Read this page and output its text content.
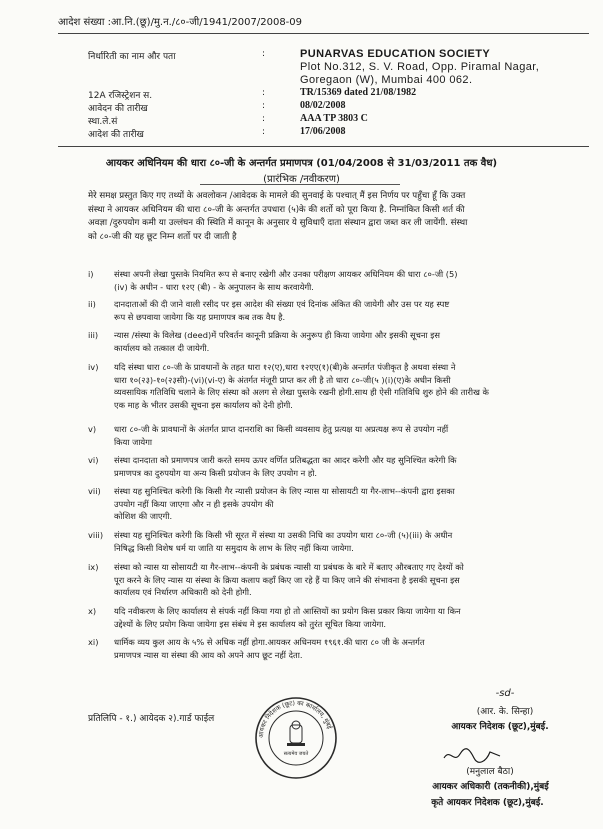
आदेश संख्या :आ.नि.(छू)/मु.न./८०-जी/1941/2007/2008-09
निर्धारिती का नाम और पता	:	PUNARVAS EDUCATION SOCIETY
Plot No.312, S. V. Road, Opp. Piramal Nagar,
Goregaon (W), Mumbai 400 062.
12A रजिस्ट्रेशन स.	:	TR/15369 dated 21/08/1982
आवेदन की तारीख	:	08/02/2008
स्था.ले.सं	:	AAA TP 3803 C
आदेश की तारीख	:	17/06/2008
आयकर अधिनियम की धारा ८०-जी के अन्तर्गत प्रमाणपत्र (01/04/2008 से 31/03/2011 तक वैध)
(प्रारंभिक /नवीकरण)
मेरे समक्ष प्रस्तुत किए गए तथ्यों के अवलोकन /आवेदक के मामले की सुनवाई के पश्चात् मैं इस निर्णय पर पहुँचा हूँ कि उक्त
संस्था ने आयकर अधिनियम की धारा ८०-जी के अन्तर्गत उपधारा (५)के की शर्तो को पूरा किया है. निम्नांकित किसी शर्त की
अवज्ञा /दुरुपयोग कमी या उल्लंघन की स्थिति में कानून के अनुसार ये सुविधाएँ दाता संस्थान द्वारा जब्त कर ली जायेंगी. संस्था
को ८०-जी की यह छूट निम्न शर्तो पर दी जाती है
i)	संस्था अपनी लेखा पुस्तके नियमित रूप से बनाए रखेगी और उनका परीक्षण आयकर अधिनियम की धारा ८०-जी (5)
(iv) के अधीन - धारा १२ए (बी) - के अनुपालन के साथ करवायेगी.
ii)	दानदाताओं की दी जाने वाली रसीद पर इस आदेश की संख्या एवं दिनांक अंकित की जायेगी और उस पर यह स्पष्ट
रूप से छपवाया जायेगा कि यह प्रमाणपत्र कब तक वैध है.
iii)	न्यास /संस्था के विलेख (deed)में परिवर्तन कानूनी प्रक्रिया के अनुरूप ही किया जायेगा और इसकी सूचना इस
कार्यालय को तत्काल दी जायेगी.
iv)	यदि संस्था धारा ८०-जी के प्रावधानों के तहत धारा १२(ए),धारा १२एए(१)(बी)के अन्तर्गत पंजीकृत है अथवा संस्था ने
धारा १०(२३)-१०(२३सी)-(vi)(vi-ए) के अंतर्गत मंजूरी प्राप्त कर ली है तो धारा ८०-जी(५ )(i)(ए)के अधीन किसी
व्यवसायिक गतिविधि चलाने के लिए संस्था को अलग से लेखा पुस्तके रखनी होगी.साथ ही ऐसी गतिविधि शुरु होने की तारीख के
एक माह के भीतर उसकी सूचना इस कार्यालय को देनी होगी.
v)	धारा ८०-जी के प्रावधानों के अंतर्गत प्राप्त दानराशि का किसी व्यवसाय हेतु प्रत्यक्ष या अप्रत्यक्ष रूप से उपयोग नहीं
किया जायेगा
vi)	संस्था दानदाता को प्रमाणपत्र जारी करते समय ऊपर वर्णित प्रतिबद्धता का आदर करेगी और यह सुनिश्चित करेगी कि
प्रमाणपत्र का दुरुपयोग या अन्य किसी प्रयोजन के लिए उपयोग न हो.
vii)	संस्था यह सुनिश्चित करेगी कि किसी गैर न्यासी प्रयोजन के लिए न्यास या सोसायटी या गैर-लाभ--कंपनी द्वारा इसका
उपयोग नहीं किया जाएगा और न ही इसके उपयोग की
कोशिश की जाएगी.
viii)	संस्था यह सुनिश्चित करेगी कि किसी भी सूरत में संस्था या उसकी निधि का उपयोग धारा ८०-जी (५)(iii) के अधीन
निषिद्ध किसी विशेष धर्म या जाति या समुदाय के लाभ के लिए नहीं किया जायेगा.
ix)	संस्था को न्यास या सोसायटी या गैर-लाभ--कंपनी के प्रबंधक न्यासी या प्रबंधक के बारे में बताए औरबताए गए देश्यों को
पूरा करने के लिए न्यास या संस्था के क्रिया कलाप कहाँ किए जा रहे हैं या किए जाने की संभावना है इसकी सूचना इस
कार्यालय एवं निर्धारण अधिकारी को देनी होगी.
x)	यदि नवीकरण के लिए कार्यालय से संपर्क नहीं किया गया हो तो आस्तियों का प्रयोग किस प्रकार किया जायेगा या किन
उद्देश्यों के लिए प्रयोग किया जायेगा इस संबंध मे इस कार्यालय को तुरंत सूचित किया जायेगा.
xi)	धार्मिक व्यय कुल आय के ५% से अधिक नहीं होगा.आयकर अधिनयम १९६१.की धारा ८० जी के अन्तर्गत
प्रमाणपत्र न्यास या संस्था की आय को अपने आप छूट नहीं देता.
-sd-
(आर. के. सिन्हा)
आयकर निदेशक (छूट),मुंबई.
प्रतिलिपि - १.) आयेदक २).गार्ड फाईल
आयकर निदेशक (छूट) का कार्यालय, मुंबई
सत्यमेव जयते
(मनुलाल बैठा)
आयकर अधिकारी (तकनीकी),मुंबई
कृते आयकर निदेशक (छूट),मुंबई.
